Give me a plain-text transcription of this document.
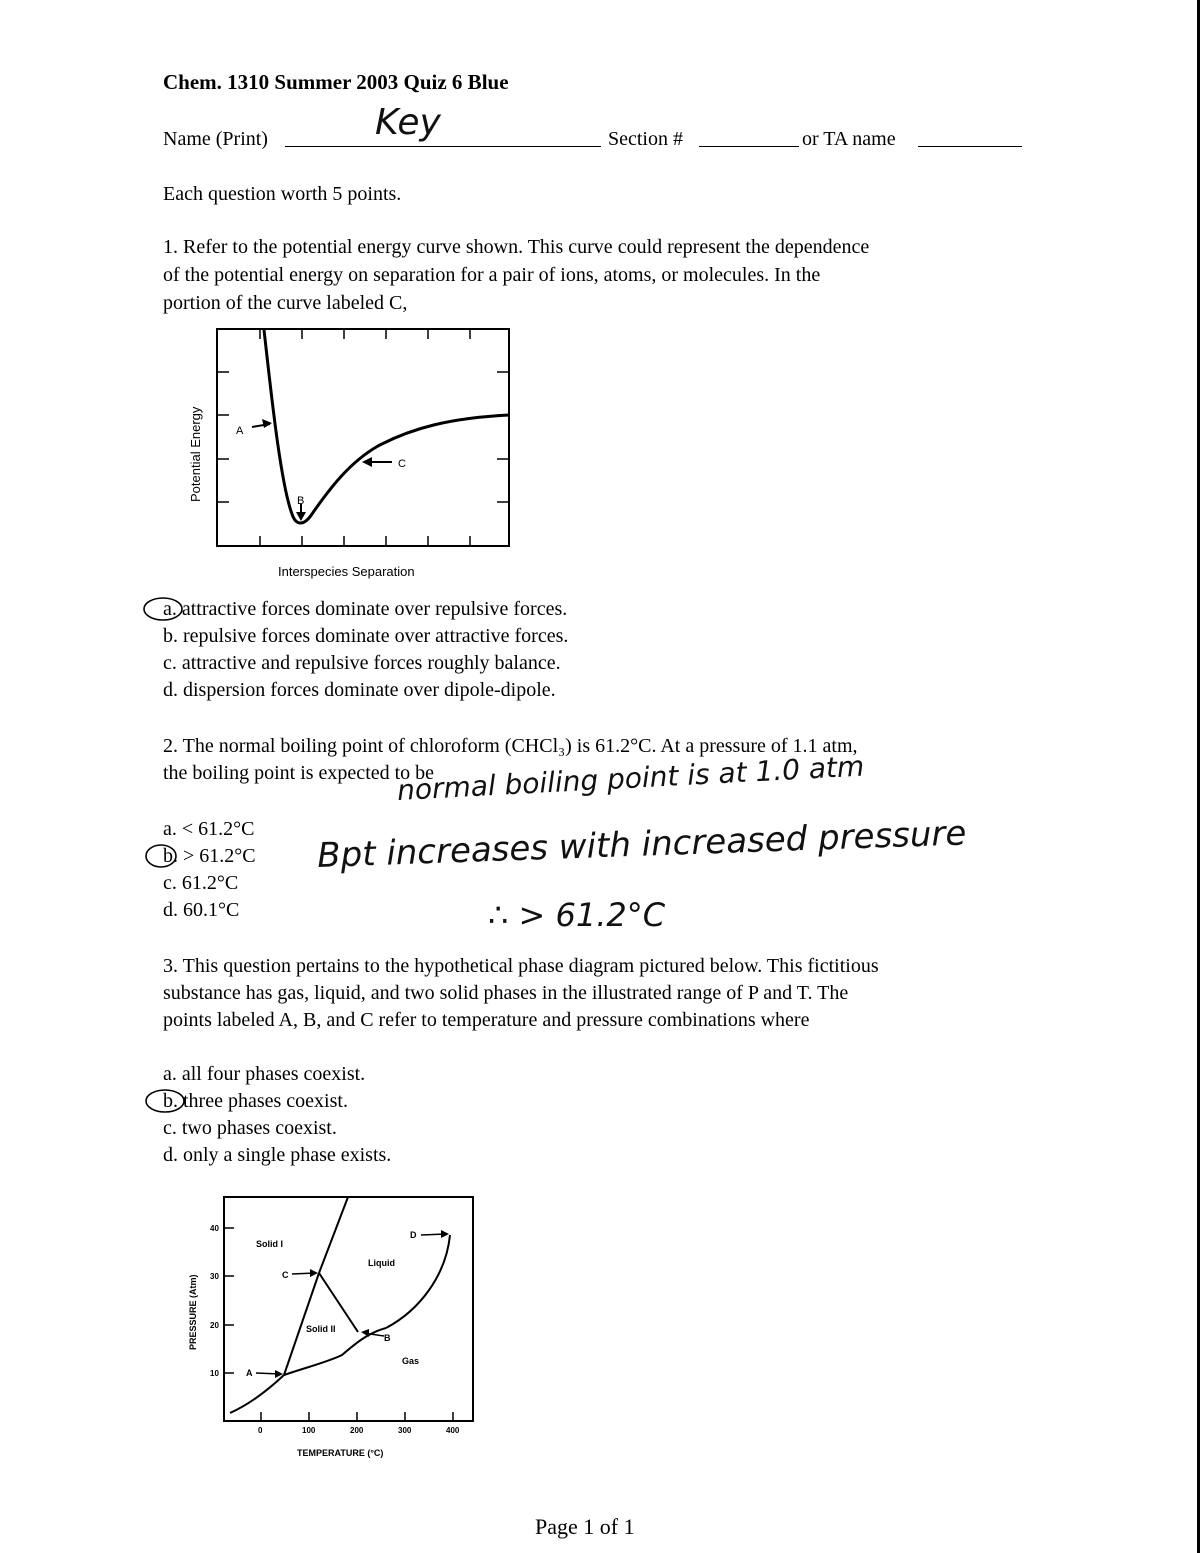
Chem. 1310 Summer 2003 Quiz 6 Blue
Name (Print)	Key	Section #	or TA name
Each question worth 5 points.
1. Refer to the potential energy curve shown. This curve could represent the dependence
of the potential energy on separation for a pair of ions, atoms, or molecules. In the
portion of the curve labeled C,
A
B
C
Potential Energy
Interspecies Separation
a. attractive forces dominate over repulsive forces.
b. repulsive forces dominate over attractive forces.
c. attractive and repulsive forces roughly balance.
d. dispersion forces dominate over dipole-dipole.
2. The normal boiling point of chloroform (CHCl₃) is 61.2°C. At a pressure of 1.1 atm,
the boiling point is expected to be
normal boiling point is at 1.0 atm
Bpt increases with increased pressure
∴ > 61.2°C
a. < 61.2°C
b. > 61.2°C
c. 61.2°C
d. 60.1°C
3. This question pertains to the hypothetical phase diagram pictured below. This fictitious
substance has gas, liquid, and two solid phases in the illustrated range of P and T. The
points labeled A, B, and C refer to temperature and pressure combinations where
a. all four phases coexist.
b. three phases coexist.
c. two phases coexist.
d. only a single phase exists.
40
30
20
10
0	100	200	300	400
Solid I
Liquid
Solid II
Gas
A
B
C
D
PRESSURE (Atm)
TEMPERATURE (°C)
Page 1 of 1
